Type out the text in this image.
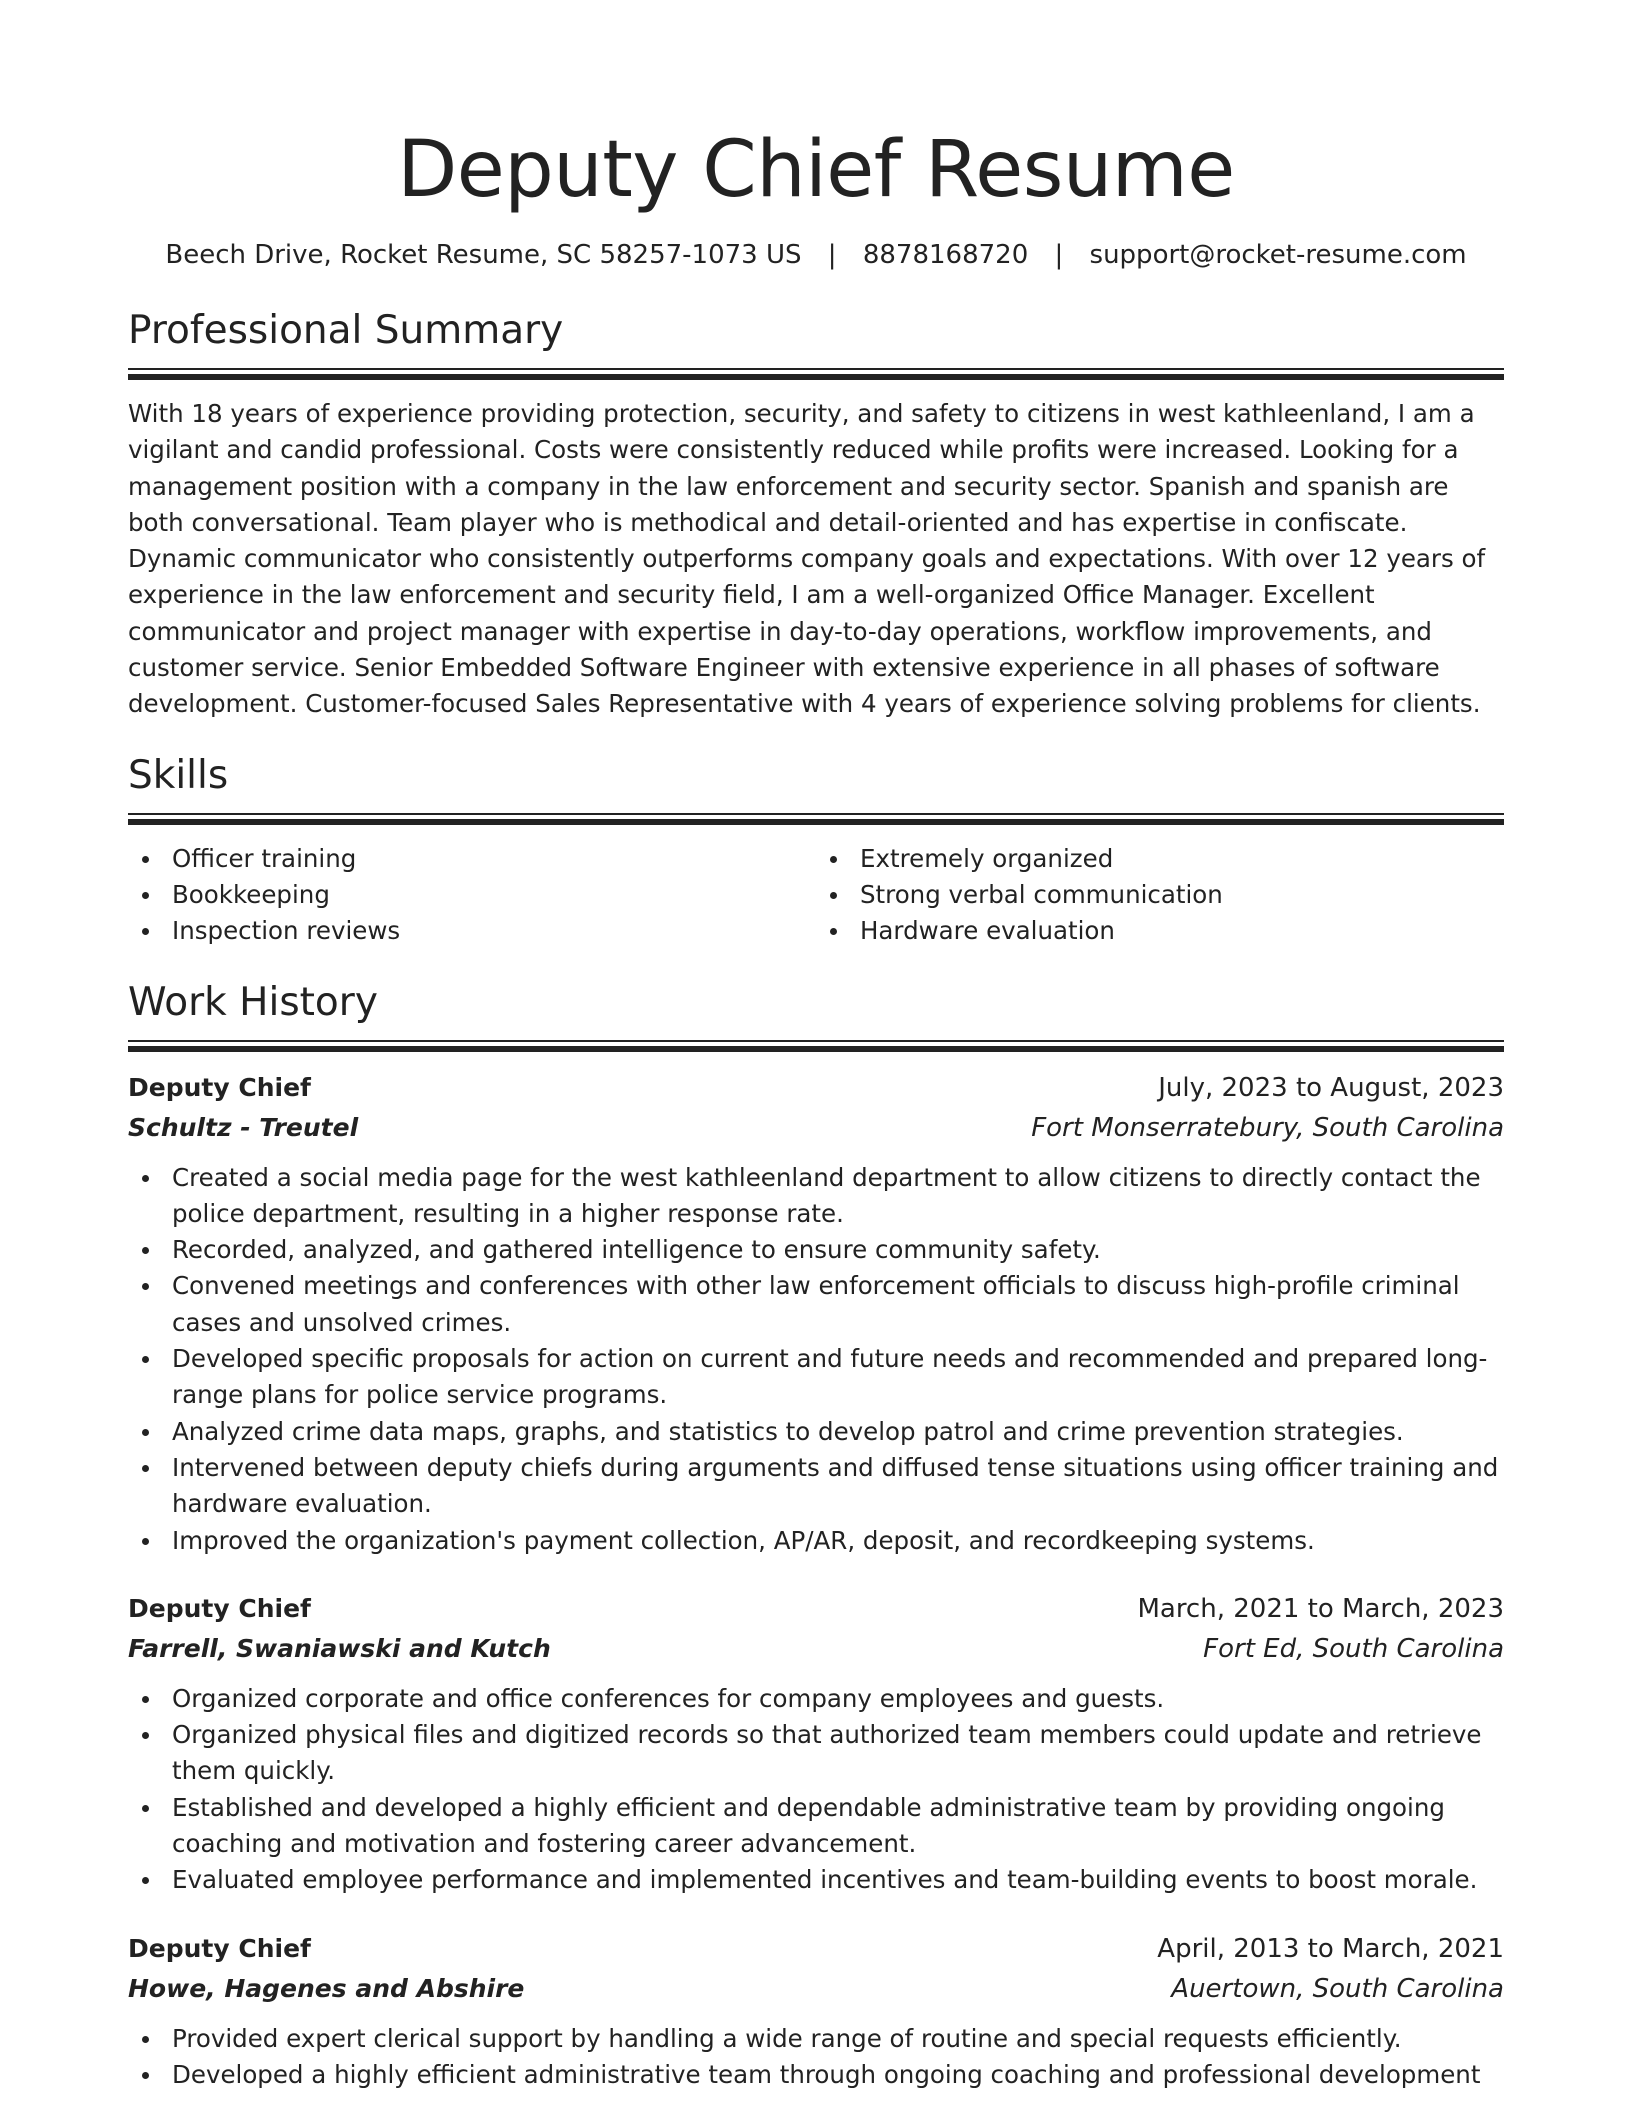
Deputy Chief Resume
Beech Drive, Rocket Resume, SC 58257-1073 US | 8878168720 | support@rocket-resume.com
Professional Summary

With 18 years of experience providing protection, security, and safety to citizens in west kathleenland, I am a vigilant and candid professional. Costs were consistently reduced while profits were increased. Looking for a management position with a company in the law enforcement and security sector. Spanish and spanish are both conversational. Team player who is methodical and detail-oriented and has expertise in confiscate. Dynamic communicator who consistently outperforms company goals and expectations. With over 12 years of experience in the law enforcement and security field, I am a well-organized Office Manager. Excellent communicator and project manager with expertise in day-to-day operations, workflow improvements, and customer service. Senior Embedded Software Engineer with extensive experience in all phases of software development. Customer-focused Sales Representative with 4 years of experience solving problems for clients.

Skills
Officer training
Bookkeeping
Inspection reviews
Extremely organized
Strong verbal communication
Hardware evaluation
Work History
Deputy Chief	July, 2023 to August, 2023
Schultz - Treutel	Fort Monserratebury, South Carolina
Created a social media page for the west kathleenland department to allow citizens to directly contact the police department, resulting in a higher response rate.
Recorded, analyzed, and gathered intelligence to ensure community safety.
Convened meetings and conferences with other law enforcement officials to discuss high-profile criminal cases and unsolved crimes.
Developed specific proposals for action on current and future needs and recommended and prepared long-range plans for police service programs.
Analyzed crime data maps, graphs, and statistics to develop patrol and crime prevention strategies.
Intervened between deputy chiefs during arguments and diffused tense situations using officer training and hardware evaluation.
Improved the organization's payment collection, AP/AR, deposit, and recordkeeping systems.
Deputy Chief	March, 2021 to March, 2023
Farrell, Swaniawski and Kutch	Fort Ed, South Carolina
Organized corporate and office conferences for company employees and guests.
Organized physical files and digitized records so that authorized team members could update and retrieve them quickly.
Established and developed a highly efficient and dependable administrative team by providing ongoing coaching and motivation and fostering career advancement.
Evaluated employee performance and implemented incentives and team-building events to boost morale.
Deputy Chief	April, 2013 to March, 2021
Howe, Hagenes and Abshire	Auertown, South Carolina
Provided expert clerical support by handling a wide range of routine and special requests efficiently.
Developed a highly efficient administrative team through ongoing coaching and professional development
